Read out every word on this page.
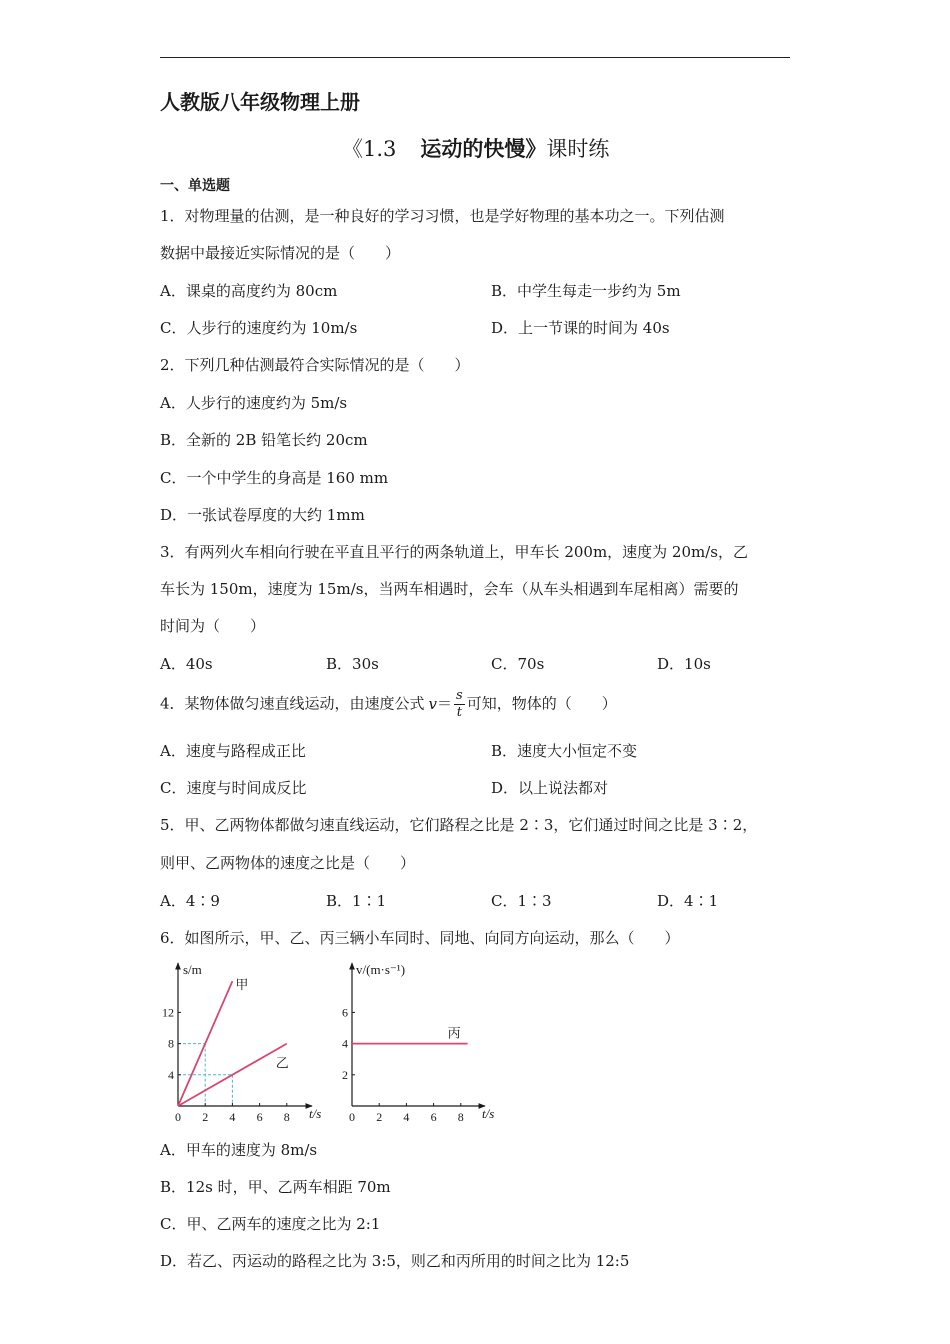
人教版八年级物理上册
《1.3 运动的快慢》课时练
一、单选题
1．对物理量的估测，是一种良好的学习习惯，也是学好物理的基本功之一。下列估测
数据中最接近实际情况的是（　　）
A．课桌的高度约为 80cm	B．中学生每走一步约为 5m
C．人步行的速度约为 10m/s	D．上一节课的时间为 40s
2．下列几种估测最符合实际情况的是（　　）
A．人步行的速度约为 5m/s
B．全新的 2B 铅笔长约 20cm
C．一个中学生的身高是 160 mm
D．一张试卷厚度的大约 1mm
3．有两列火车相向行驶在平直且平行的两条轨道上，甲车长 200m，速度为 20m/s，乙
车长为 150m，速度为 15m/s，当两车相遇时，会车（从车头相遇到车尾相离）需要的
时间为（　　）
A．40s	B．30s	C．70s	D．10s
4．某物体做匀速直线运动，由速度公式 $v= \frac{s}{t}$ 可知，物体的（　　）
A．速度与路程成正比	B．速度大小恒定不变
C．速度与时间成反比	D．以上说法都对
5．甲、乙两物体都做匀速直线运动，它们路程之比是 2∶3，它们通过时间之比是 3∶2，
则甲、乙两物体的速度之比是（　　）
A．4∶9	B．1∶1	C．1∶3	D．4∶1
6．如图所示，甲、乙、丙三辆小车同时、同地、向同方向运动，那么（　　）
0 2 4 6 8
4
8
12
甲
乙
t/s
s/m
0 2 4 6 8
2
4
6
丙
t/s
v/(m·s⁻¹)
A．甲车的速度为 8m/s
B．12s 时，甲、乙两车相距 70m
C．甲、乙两车的速度之比为 2:1
D．若乙、丙运动的路程之比为 3:5，则乙和丙所用的时间之比为 12:5
